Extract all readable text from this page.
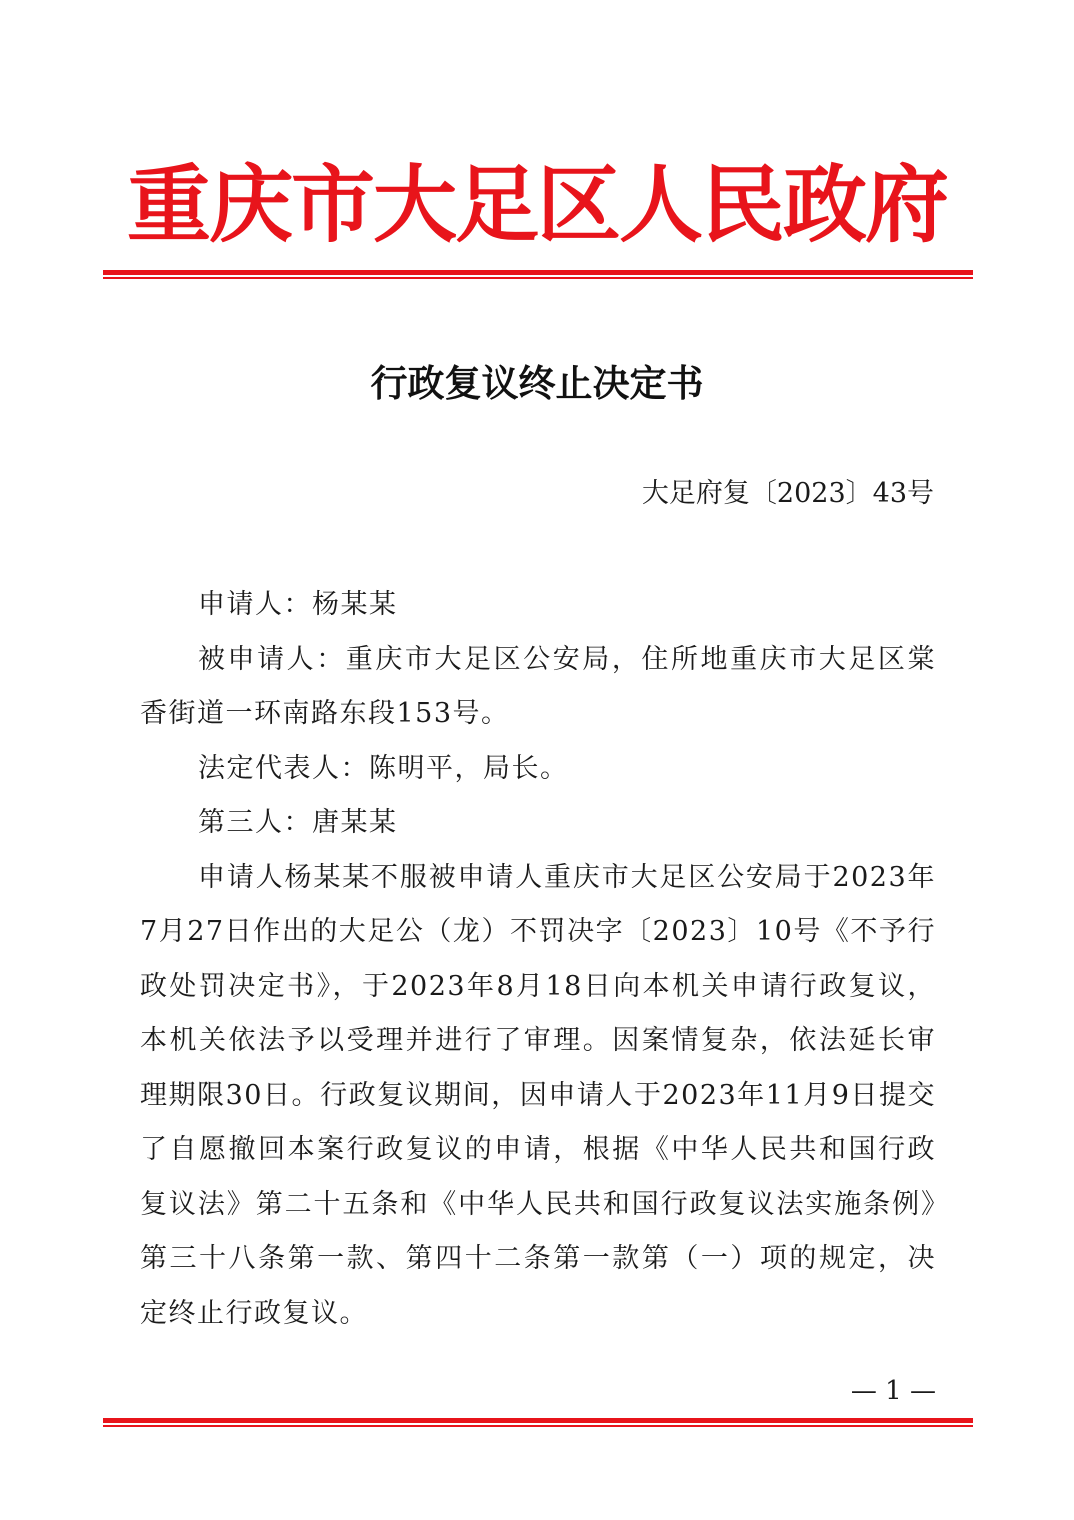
重庆市大足区人民政府
行政复议终止决定书
大足府复〔2023〕43号

申请人：杨某某

被申请人：重庆市大足区公安局，住所地重庆市大足区棠香街道一环南路东段153号。

法定代表人：陈明平，局长。

第三人：唐某某

申请人杨某某不服被申请人重庆市大足区公安局于2023年7月27日作出的大足公（龙）不罚决字〔2023〕10号《不予行政处罚决定书》，于2023年8月18日向本机关申请行政复议，本机关依法予以受理并进行了审理。因案情复杂，依法延长审理期限30日。行政复议期间，因申请人于2023年11月9日提交了自愿撤回本案行政复议的申请，根据《中华人民共和国行政复议法》第二十五条和《中华人民共和国行政复议法实施条例》第三十八条第一款、第四十二条第一款第（一）项的规定，决定终止行政复议。

— 1 —
